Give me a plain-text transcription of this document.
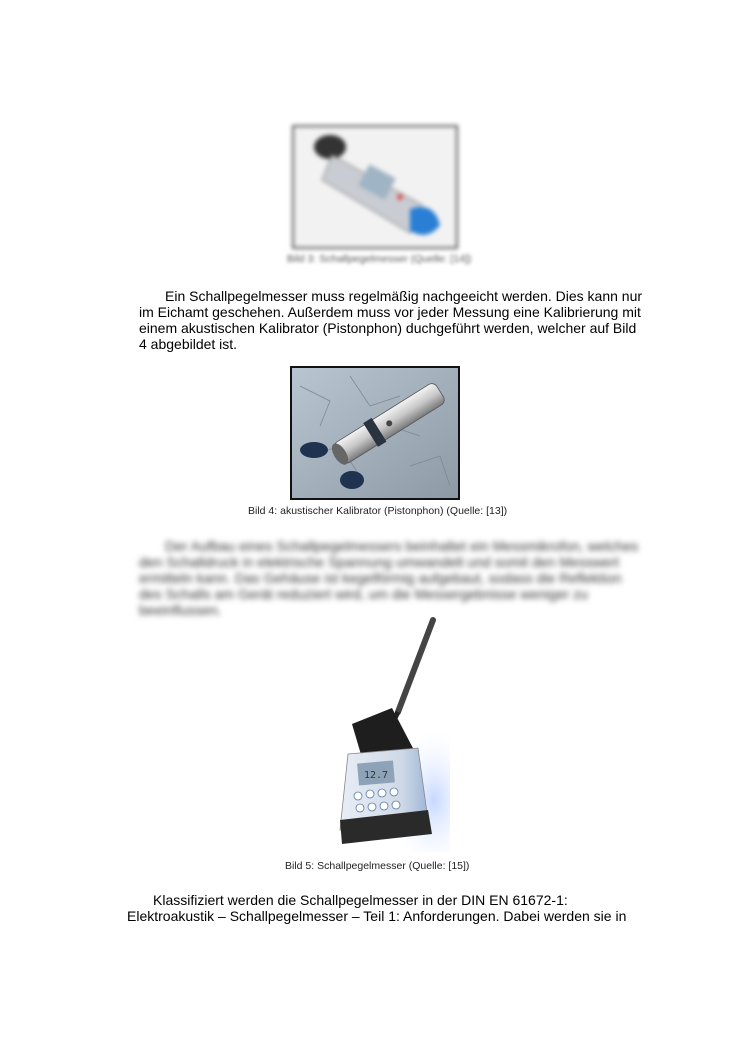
Bild 3: Schallpegelmesser (Quelle: [14])
Ein Schallpegelmesser muss regelmäßig nachgeeicht werden. Dies kann nur
im Eichamt geschehen. Außerdem muss vor jeder Messung eine Kalibrierung mit
einem akustischen Kalibrator (Pistonphon) duchgeführt werden, welcher auf Bild
4 abgebildet ist.
Bild 4: akustischer Kalibrator (Pistonphon) (Quelle: [13])
Der Aufbau eines Schallpegelmessers beinhaltet ein Messmikrofon, welches
den Schalldruck in elektrische Spannung umwandelt und somit den Messwert
ermitteln kann. Das Gehäuse ist kegelförmig aufgebaut, sodass die Reflektion
des Schalls am Gerät reduziert wird, um die Messergebnisse weniger zu
beeinflussen.
12.7
Bild 5: Schallpegelmesser (Quelle: [15])
Klassifiziert werden die Schallpegelmesser in der DIN EN 61672-1:
Elektroakustik – Schallpegelmesser – Teil 1: Anforderungen. Dabei werden sie in
